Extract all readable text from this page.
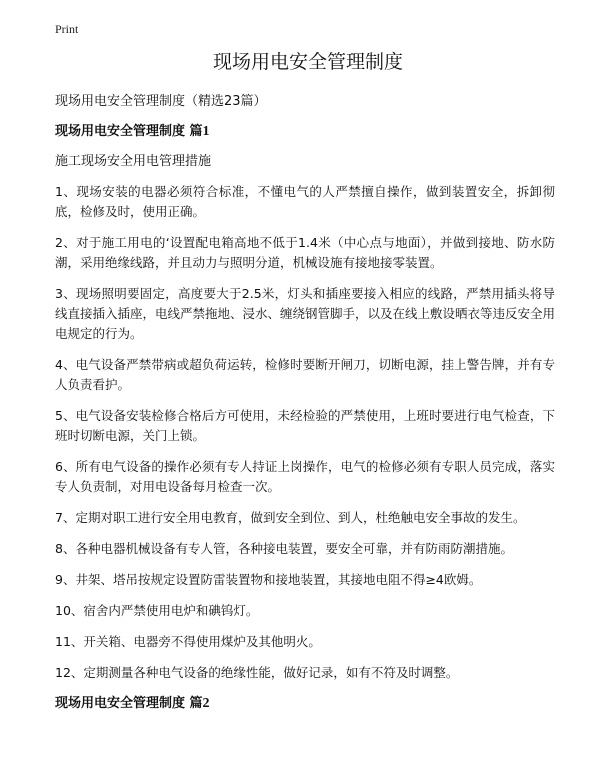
Print
现场用电安全管理制度

现场用电安全管理制度（精选23篇）

现场用电安全管理制度 篇1

施工现场安全用电管理措施

1、现场安装的电器必须符合标准，不懂电气的人严禁擅自操作，做到装置安全，拆卸彻底，检修及时，使用正确。
2、对于施工用电的‘设置配电箱高地不低于1.4米（中心点与地面），并做到接地、防水防潮，采用绝缘线路，并且动力与照明分道，机械设施有接地接零装置。
3、现场照明要固定，高度要大于2.5米，灯头和插座要接入相应的线路，严禁用插头将导线直接插入插座，电线严禁拖地、浸水、缠绕钢管脚手，以及在线上敷设晒衣等违反安全用电规定的行为。
4、电气设备严禁带病或超负荷运转，检修时要断开闸刀，切断电源，挂上警告牌，并有专人负责看护。
5、电气设备安装检修合格后方可使用，未经检验的严禁使用，上班时要进行电气检查，下班时切断电源，关门上锁。
6、所有电气设备的操作必须有专人持证上岗操作，电气的检修必须有专职人员完成，落实专人负责制，对用电设备每月检查一次。
7、定期对职工进行安全用电教育，做到安全到位、到人，杜绝触电安全事故的发生。
8、各种电器机械设备有专人管，各种接电装置，要安全可靠，并有防雨防潮措施。
9、井架、塔吊按规定设置防雷装置物和接地装置，其接地电阻不得≥4欧姆。
10、宿舍内严禁使用电炉和碘钨灯。
11、开关箱、电器旁不得使用煤炉及其他明火。
12、定期测量各种电气设备的绝缘性能，做好记录，如有不符及时调整。
现场用电安全管理制度 篇2
